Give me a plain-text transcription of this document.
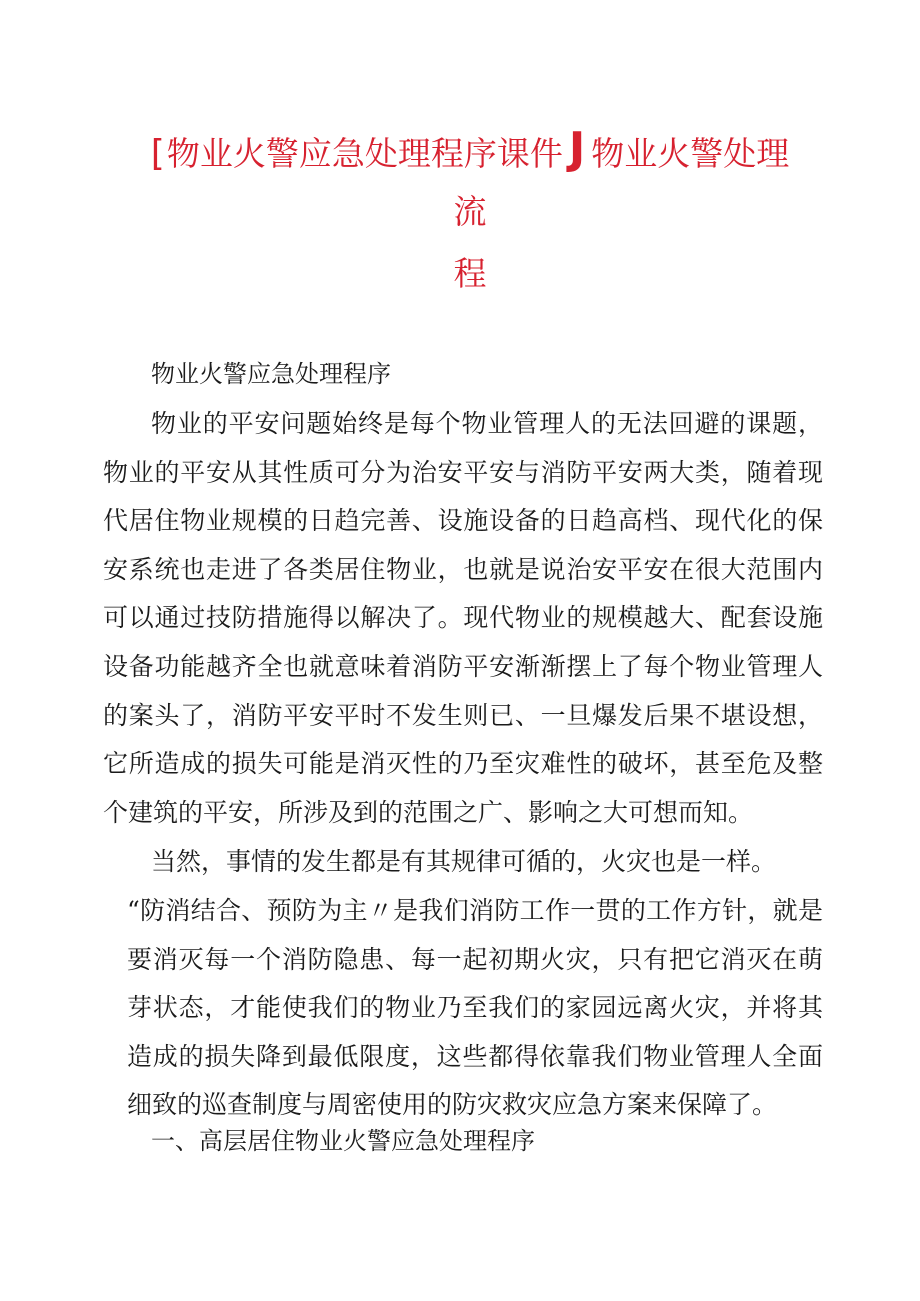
[物业火警应急处理程序课件 J 物业火警处理
流
程
物业火警应急处理程序

物业的平安问题始终是每个物业管理人的无法回避的课题，物业的平安从其性质可分为治安平安与消防平安两大类，随着现代居住物业规模的日趋完善、设施设备的日趋高档、现代化的保安系统也走进了各类居住物业，也就是说治安平安在很大范围内可以通过技防措施得以解决了。现代物业的规模越大、配套设施设备功能越齐全也就意味着消防平安渐渐摆上了每个物业管理人的案头了，消防平安平时不发生则已、一旦爆发后果不堪设想，它所造成的损失可能是消灭性的乃至灾难性的破坏，甚至危及整个建筑的平安，所涉及到的范围之广、影响之大可想而知。

当然，事情的发生都是有其规律可循的，火灾也是一样。

“防消结合、预防为主〃是我们消防工作一贯的工作方针，就是要消灭每一个消防隐患、每一起初期火灾，只有把它消灭在萌芽状态，才能使我们的物业乃至我们的家园远离火灾，并将其造成的损失降到最低限度，这些都得依靠我们物业管理人全面细致的巡查制度与周密使用的防灾救灾应急方案来保障了。

一、高层居住物业火警应急处理程序
